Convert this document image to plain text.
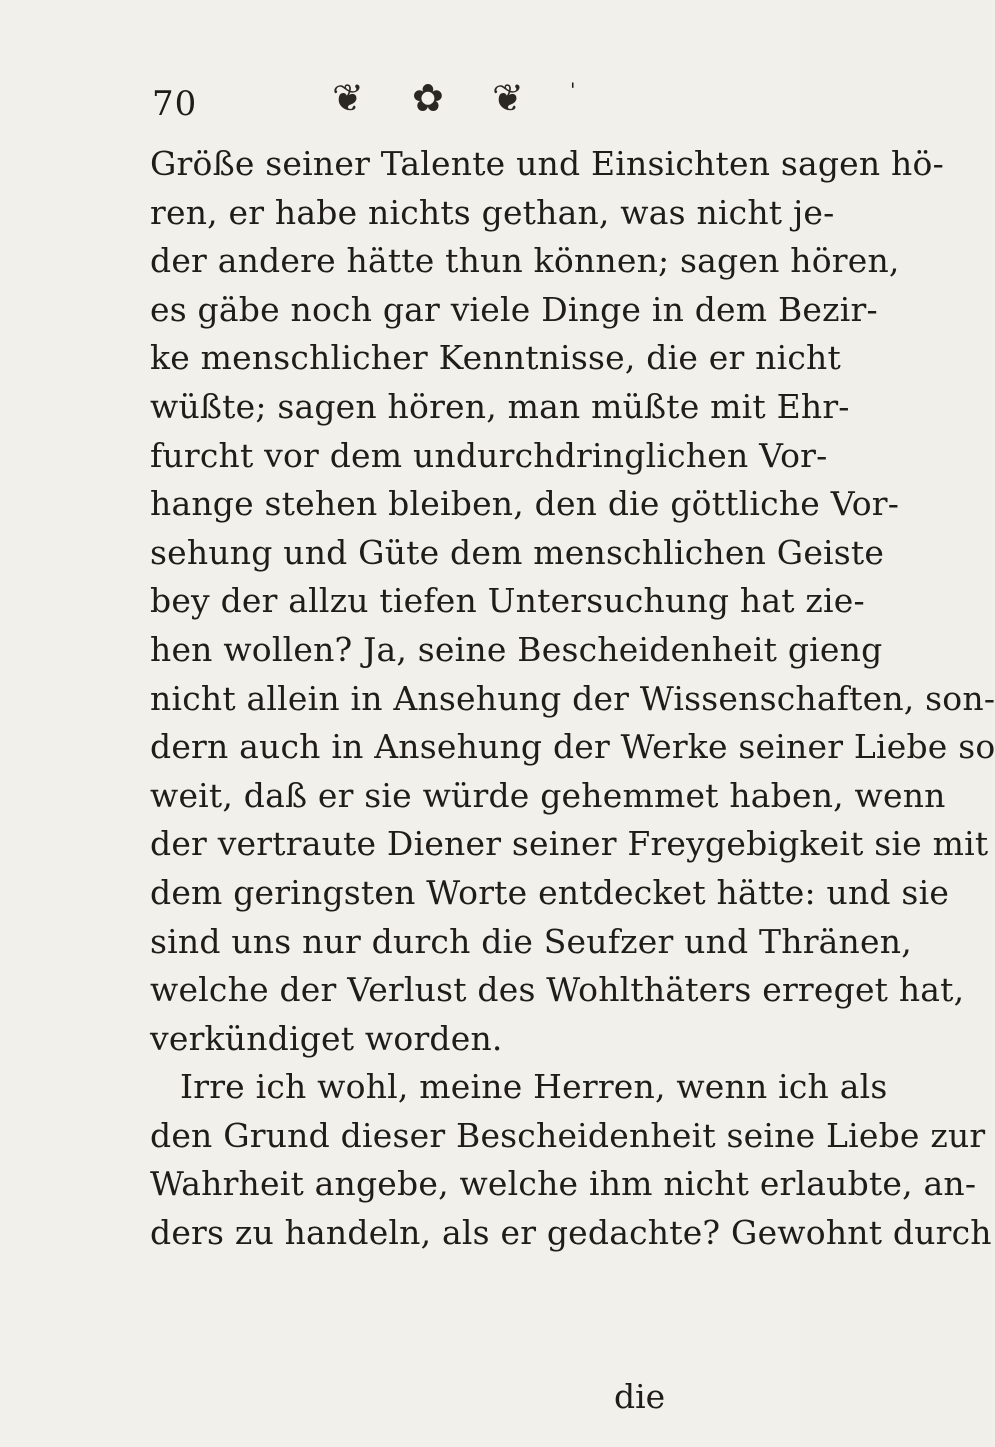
70	❦ ✿ ❦ '
Größe seiner Talente und Einsichten sagen hö-
ren, er habe nichts gethan, was nicht je-
der andere hätte thun können; sagen hören,
es gäbe noch gar viele Dinge in dem Bezir-
ke menschlicher Kenntnisse, die er nicht
wüßte; sagen hören, man müßte mit Ehr-
furcht vor dem undurchdringlichen Vor-
hange stehen bleiben, den die göttliche Vor-
sehung und Güte dem menschlichen Geiste
bey der allzu tiefen Untersuchung hat zie-
hen wollen? Ja, seine Bescheidenheit gieng
nicht allein in Ansehung der Wissenschaften, son-
dern auch in Ansehung der Werke seiner Liebe so
weit, daß er sie würde gehemmet haben, wenn
der vertraute Diener seiner Freygebigkeit sie mit
dem geringsten Worte entdecket hätte: und sie
sind uns nur durch die Seufzer und Thränen,
welche der Verlust des Wohlthäters erreget hat,
verkündiget worden.
Irre ich wohl, meine Herren, wenn ich als
den Grund dieser Bescheidenheit seine Liebe zur
Wahrheit angebe, welche ihm nicht erlaubte, an-
ders zu handeln, als er gedachte? Gewohnt durch
die
